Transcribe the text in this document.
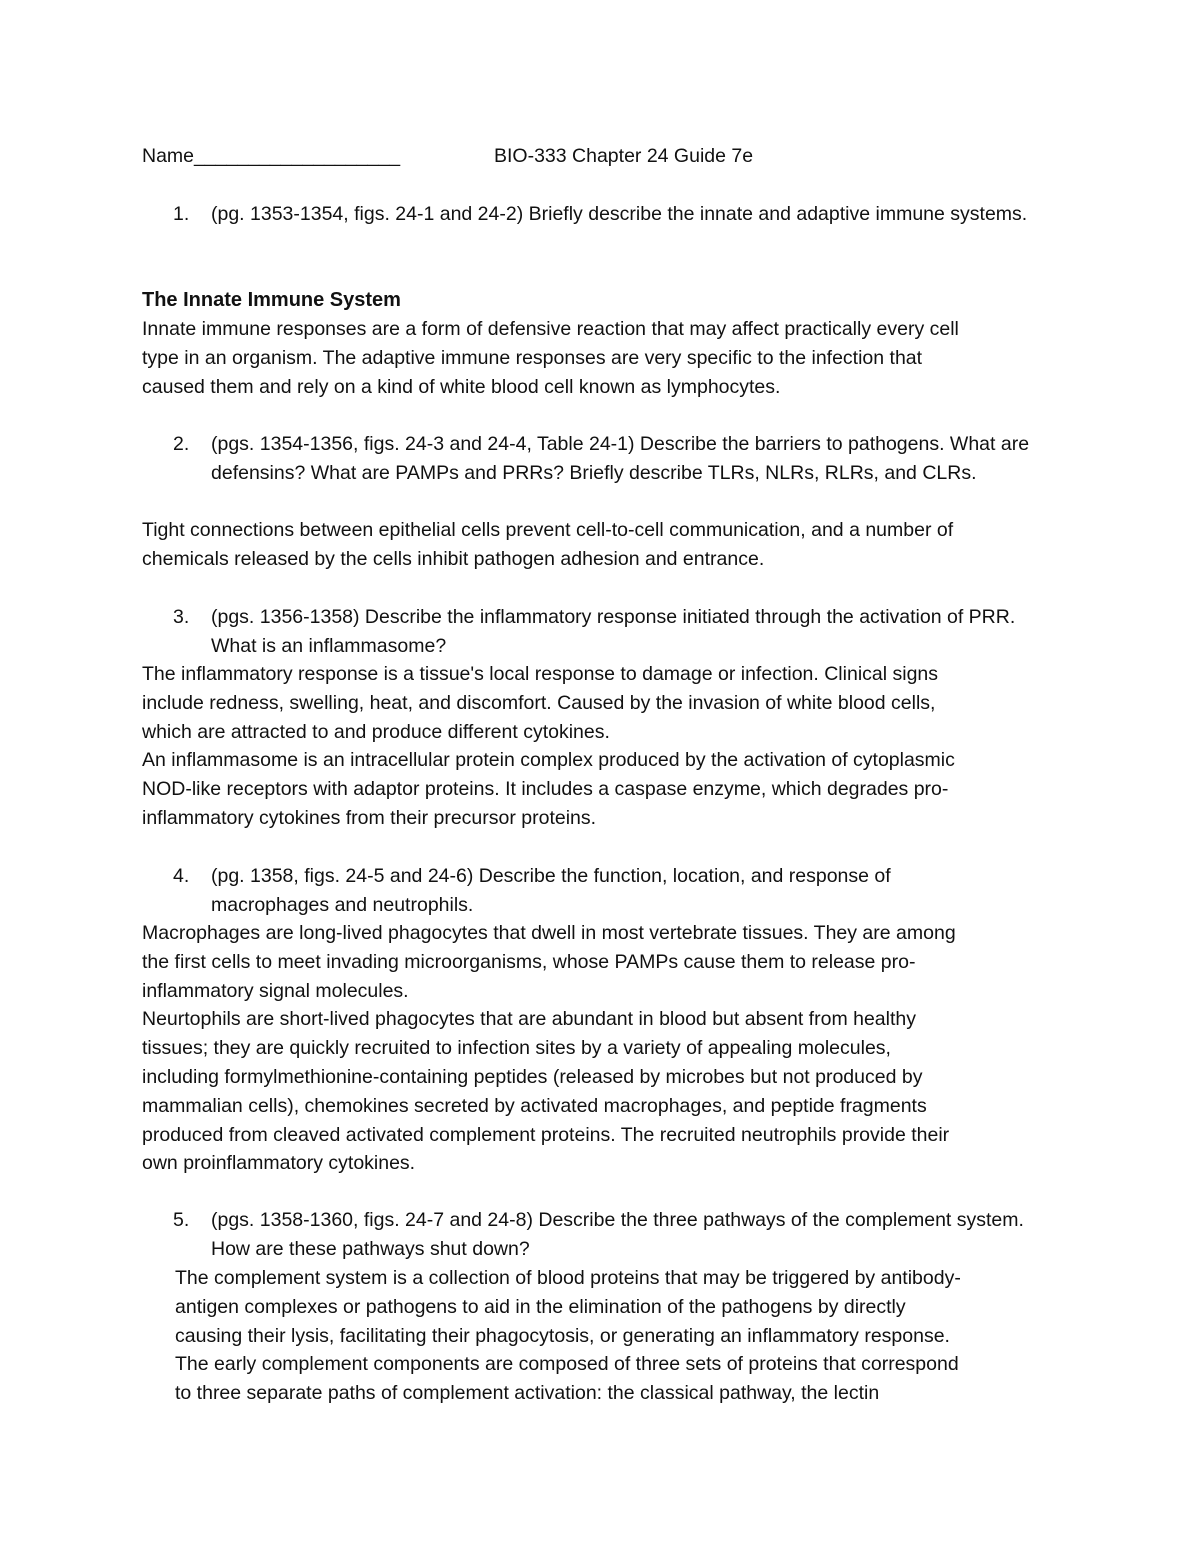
Name___________________	BIO-333 Chapter 24 Guide 7e
1.	(pg. 1353-1354, figs. 24-1 and 24-2) Briefly describe the innate and adaptive immune systems.
The Innate Immune System
Innate immune responses are a form of defensive reaction that may affect practically every cell
type in an organism. The adaptive immune responses are very specific to the infection that
caused them and rely on a kind of white blood cell known as lymphocytes.
2.	(pgs. 1354-1356, figs. 24-3 and 24-4, Table 24-1) Describe the barriers to pathogens. What are defensins? What are PAMPs and PRRs? Briefly describe TLRs, NLRs, RLRs, and CLRs.
Tight connections between epithelial cells prevent cell-to-cell communication, and a number of
chemicals released by the cells inhibit pathogen adhesion and entrance.
3.	(pgs. 1356-1358) Describe the inflammatory response initiated through the activation of PRR. What is an inflammasome?
The inflammatory response is a tissue's local response to damage or infection. Clinical signs
include redness, swelling, heat, and discomfort. Caused by the invasion of white blood cells,
which are attracted to and produce different cytokines.
An inflammasome is an intracellular protein complex produced by the activation of cytoplasmic
NOD-like receptors with adaptor proteins. It includes a caspase enzyme, which degrades pro-
inflammatory cytokines from their precursor proteins.
4.	(pg. 1358, figs. 24-5 and 24-6) Describe the function, location, and response of macrophages and neutrophils.
Macrophages are long-lived phagocytes that dwell in most vertebrate tissues. They are among
the first cells to meet invading microorganisms, whose PAMPs cause them to release pro-
inflammatory signal molecules.
Neurtophils are short-lived phagocytes that are abundant in blood but absent from healthy
tissues; they are quickly recruited to infection sites by a variety of appealing molecules,
including formylmethionine-containing peptides (released by microbes but not produced by
mammalian cells), chemokines secreted by activated macrophages, and peptide fragments
produced from cleaved activated complement proteins. The recruited neutrophils provide their
own proinflammatory cytokines.
5.	(pgs. 1358-1360, figs. 24-7 and 24-8) Describe the three pathways of the complement system. How are these pathways shut down?
The complement system is a collection of blood proteins that may be triggered by antibody-
antigen complexes or pathogens to aid in the elimination of the pathogens by directly
causing their lysis, facilitating their phagocytosis, or generating an inflammatory response.
The early complement components are composed of three sets of proteins that correspond
to three separate paths of complement activation: the classical pathway, the lectin
